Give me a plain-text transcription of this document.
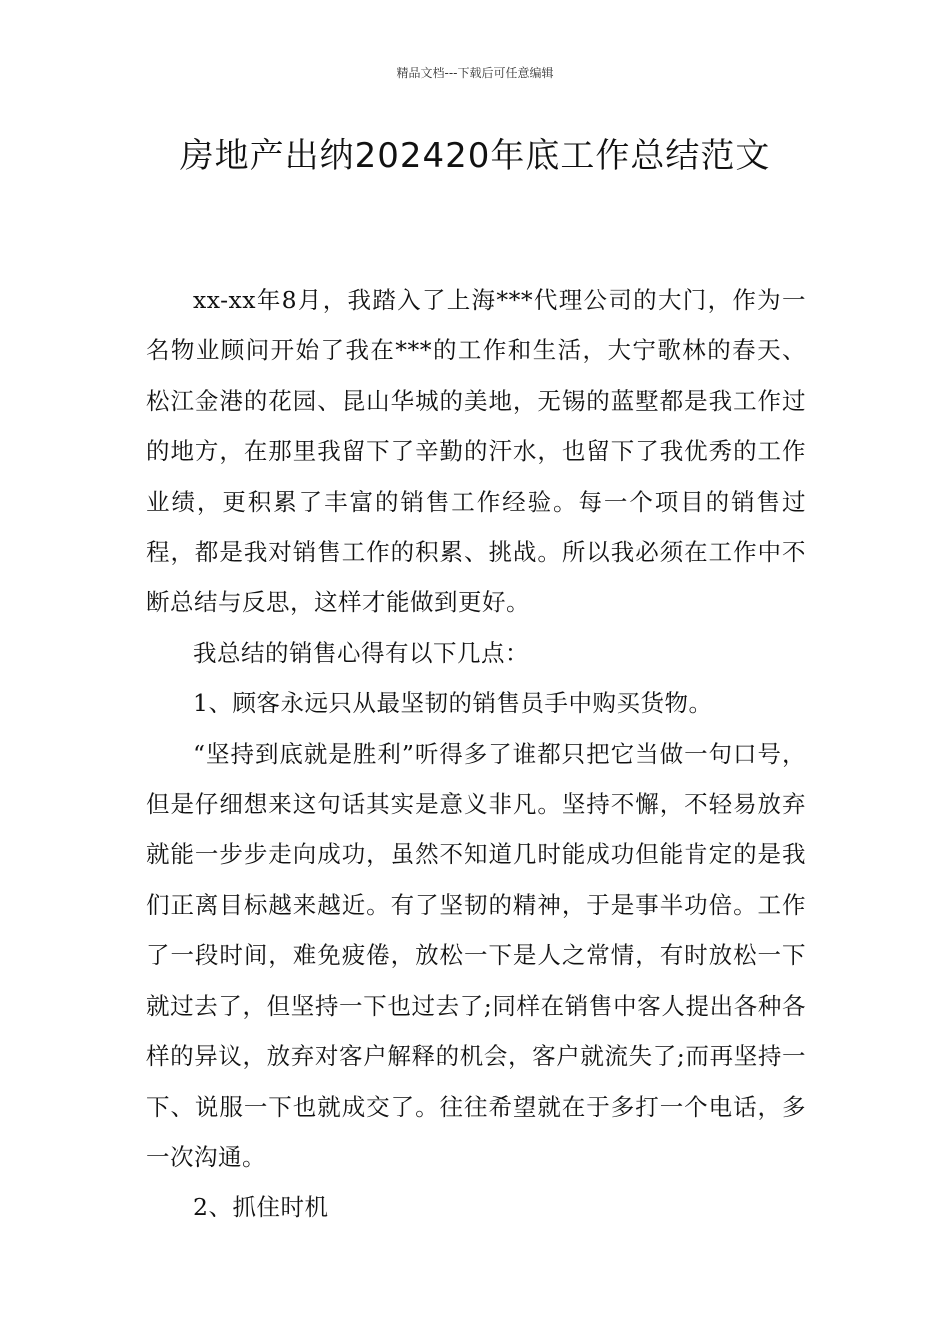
精品文档---下载后可任意编辑
房地产出纳202420年底工作总结范文

xx-xx年8月，我踏入了上海***代理公司的大门，作为一名物业顾问开始了我在***的工作和生活，大宁歌林的春天、松江金港的花园、昆山华城的美地，无锡的蓝墅都是我工作过的地方，在那里我留下了辛勤的汗水，也留下了我优秀的工作业绩，更积累了丰富的销售工作经验。每一个项目的销售过程，都是我对销售工作的积累、挑战。所以我必须在工作中不断总结与反思，这样才能做到更好。

我总结的销售心得有以下几点：

1、顾客永远只从最坚韧的销售员手中购买货物。

“坚持到底就是胜利”听得多了谁都只把它当做一句口号，但是仔细想来这句话其实是意义非凡。坚持不懈，不轻易放弃就能一步步走向成功，虽然不知道几时能成功但能肯定的是我们正离目标越来越近。有了坚韧的精神，于是事半功倍。工作了一段时间，难免疲倦，放松一下是人之常情，有时放松一下就过去了，但坚持一下也过去了;同样在销售中客人提出各种各样的异议，放弃对客户解释的机会，客户就流失了;而再坚持一下、说服一下也就成交了。往往希望就在于多打一个电话，多一次沟通。

2、抓住时机
